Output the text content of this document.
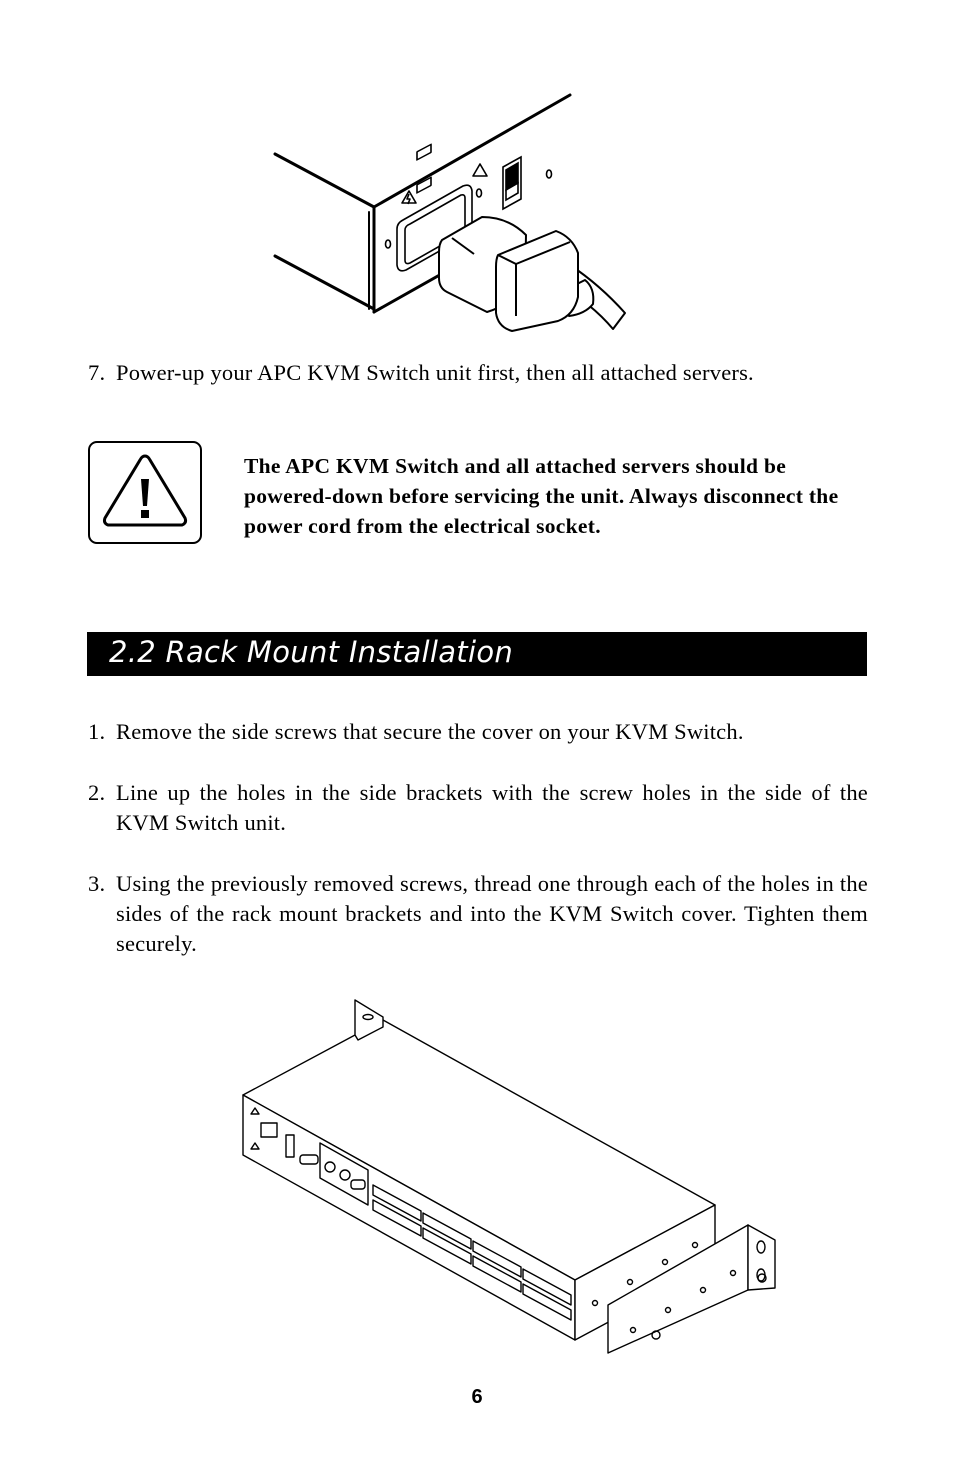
7. Power-up your APC KVM Switch unit first, then all attached servers.
The APC KVM Switch and all attached servers should be powered-down before servicing the unit. Always disconnect the power cord from the electrical socket.
2.2 Rack Mount Installation
1. Remove the side screws that secure the cover on your KVM Switch.
2. Line up the holes in the side brackets with the screw holes in the side of the KVM Switch unit.
3. Using the previously removed screws, thread one through each of the holes in the sides of the rack mount brackets and into the KVM Switch cover. Tighten them securely.
6
